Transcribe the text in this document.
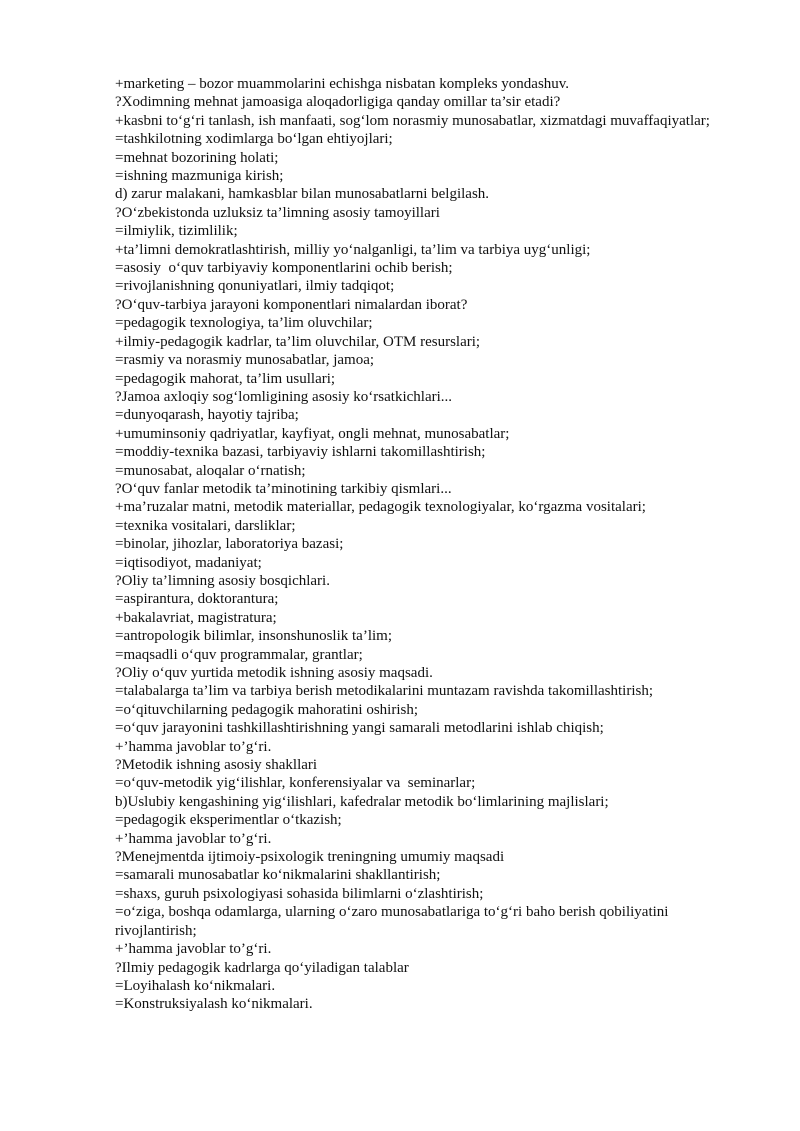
+marketing – bozor muammolarini echishga nisbatan kompleks yondashuv.

?Xodimning mehnat jamoasiga aloqadorligiga qanday omillar ta’sir etadi?

+kasbni to‘g‘ri tanlash, ish manfaati, sog‘lom norasmiy munosabatlar, xizmatdagi muvaffaqiyatlar;

=tashkilotning xodimlarga bo‘lgan ehtiyojlari;

=mehnat bozorining holati;

=ishning mazmuniga kirish;

d) zarur malakani, hamkasblar bilan munosabatlarni belgilash.

?O‘zbekistonda uzluksiz ta’limning asosiy tamoyillari

=ilmiylik, tizimlilik;

+ta’limni demokratlashtirish, milliy yo‘nalganligi, ta’lim va tarbiya uyg‘unligi;

=asosiy  o‘quv tarbiyaviy komponentlarini ochib berish;

=rivojlanishning qonuniyatlari, ilmiy tadqiqot;

?O‘quv-tarbiya jarayoni komponentlari nimalardan iborat?

=pedagogik texnologiya, ta’lim oluvchilar;

+ilmiy-pedagogik kadrlar, ta’lim oluvchilar, OTM resurslari;

=rasmiy va norasmiy munosabatlar, jamoa;

=pedagogik mahorat, ta’lim usullari;

?Jamoa axloqiy sog‘lomligining asosiy ko‘rsatkichlari...

=dunyoqarash, hayotiy tajriba;

+umuminsoniy qadriyatlar, kayfiyat, ongli mehnat, munosabatlar;

=moddiy-texnika bazasi, tarbiyaviy ishlarni takomillashtirish;

=munosabat, aloqalar o‘rnatish;

?O‘quv fanlar metodik ta’minotining tarkibiy qismlari...

+ma’ruzalar matni, metodik materiallar, pedagogik texnologiyalar, ko‘rgazma vositalari;

=texnika vositalari, darsliklar;

=binolar, jihozlar, laboratoriya bazasi;

=iqtisodiyot, madaniyat;

?Oliy ta’limning asosiy bosqichlari.

=aspirantura, doktorantura;

+bakalavriat, magistratura;

=antropologik bilimlar, insonshunoslik ta’lim;

=maqsadli o‘quv programmalar, grantlar;

?Oliy o‘quv yurtida metodik ishning asosiy maqsadi.

=talabalarga ta’lim va tarbiya berish metodikalarini muntazam ravishda takomillashtirish;

=o‘qituvchilarning pedagogik mahoratini oshirish;

=o‘quv jarayonini tashkillashtirishning yangi samarali metodlarini ishlab chiqish;

+’hamma javoblar to’g‘ri.

?Metodik ishning asosiy shakllari

=o‘quv-metodik yig‘ilishlar, konferensiyalar va  seminarlar;

b)Uslubiy kengashining yig‘ilishlari, kafedralar metodik bo‘limlarining majlislari;

=pedagogik eksperimentlar o‘tkazish;

+’hamma javoblar to’g‘ri.

?Menejmentda ijtimoiy-psixologik treningning umumiy maqsadi

=samarali munosabatlar ko‘nikmalarini shakllantirish;

=shaxs, guruh psixologiyasi sohasida bilimlarni o‘zlashtirish;

=o‘ziga, boshqa odamlarga, ularning o‘zaro munosabatlariga to‘g‘ri baho berish qobiliyatini rivojlantirish;

+’hamma javoblar to’g‘ri.

?Ilmiy pedagogik kadrlarga qo‘yiladigan talablar

=Loyihalash ko‘nikmalari.

=Konstruksiyalash ko‘nikmalari.
